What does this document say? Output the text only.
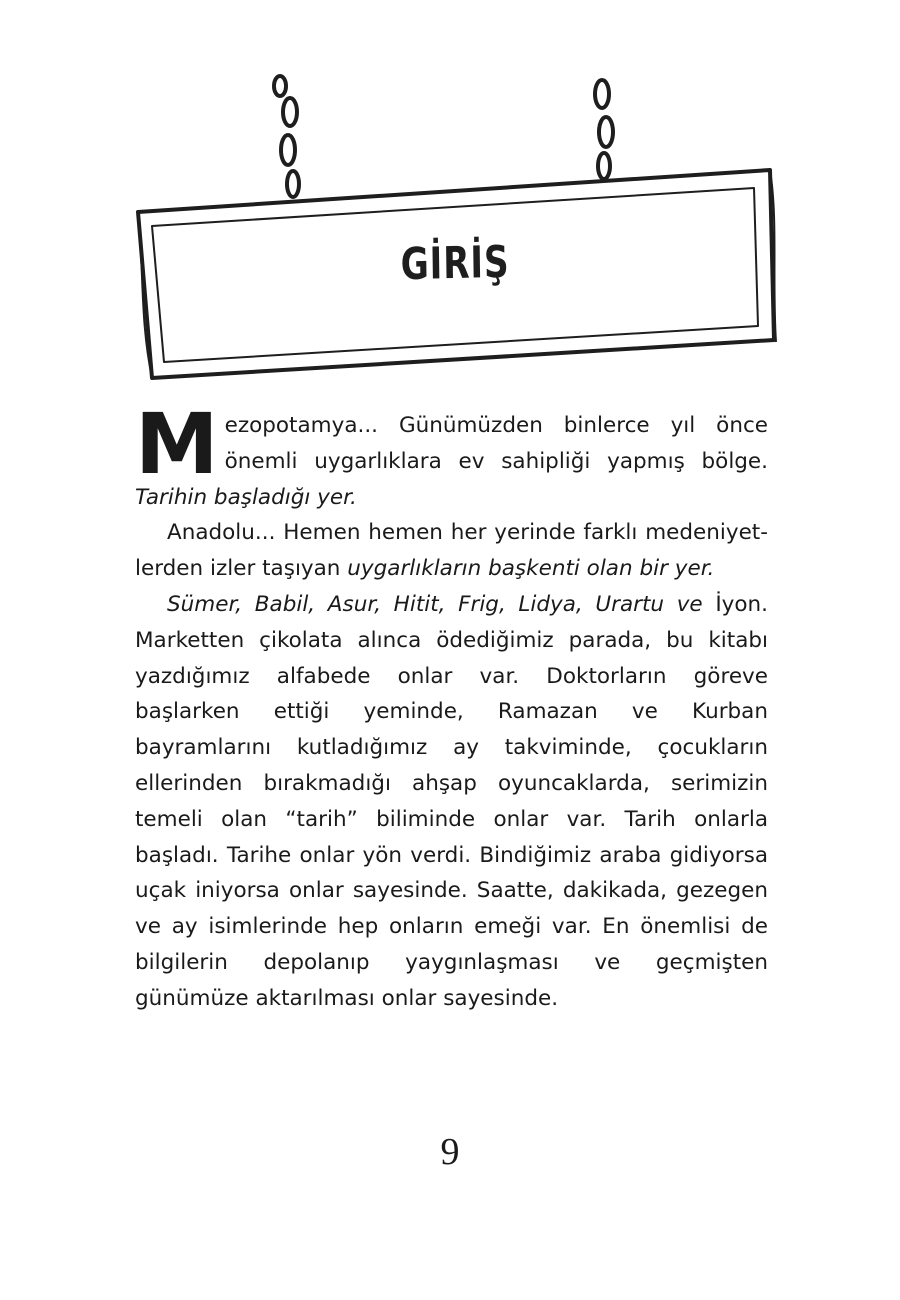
GİRİŞ

Mezopotamya... Günümüzden binlerce yıl önce önemli uygarlıklara ev sahipliği yapmış bölge. Tarihin başladığı yer.

Anadolu... Hemen hemen her yerinde farklı medeniyetlerden izler taşıyan uygarlıkların başkenti olan bir yer.

Sümer, Babil, Asur, Hitit, Frig, Lidya, Urartu ve İyon. Marketten çikolata alınca ödediğimiz parada, bu kitabı yazdığımız alfabede onlar var. Doktorların göreve başlarken ettiği yeminde, Ramazan ve Kurban bayramlarını kutladığımız ay takviminde, çocukların ellerinden bırakmadığı ahşap oyuncaklarda, serimizin temeli olan “tarih” biliminde onlar var. Tarih onlarla başladı. Tarihe onlar yön verdi. Bindiğimiz araba gidiyorsa uçak iniyorsa onlar sayesinde. Saatte, dakikada, gezegen ve ay isimlerinde hep onların emeği var. En önemlisi de bilgilerin depolanıp yaygınlaşması ve geçmişten günümüze aktarılması onlar sayesinde.

9
